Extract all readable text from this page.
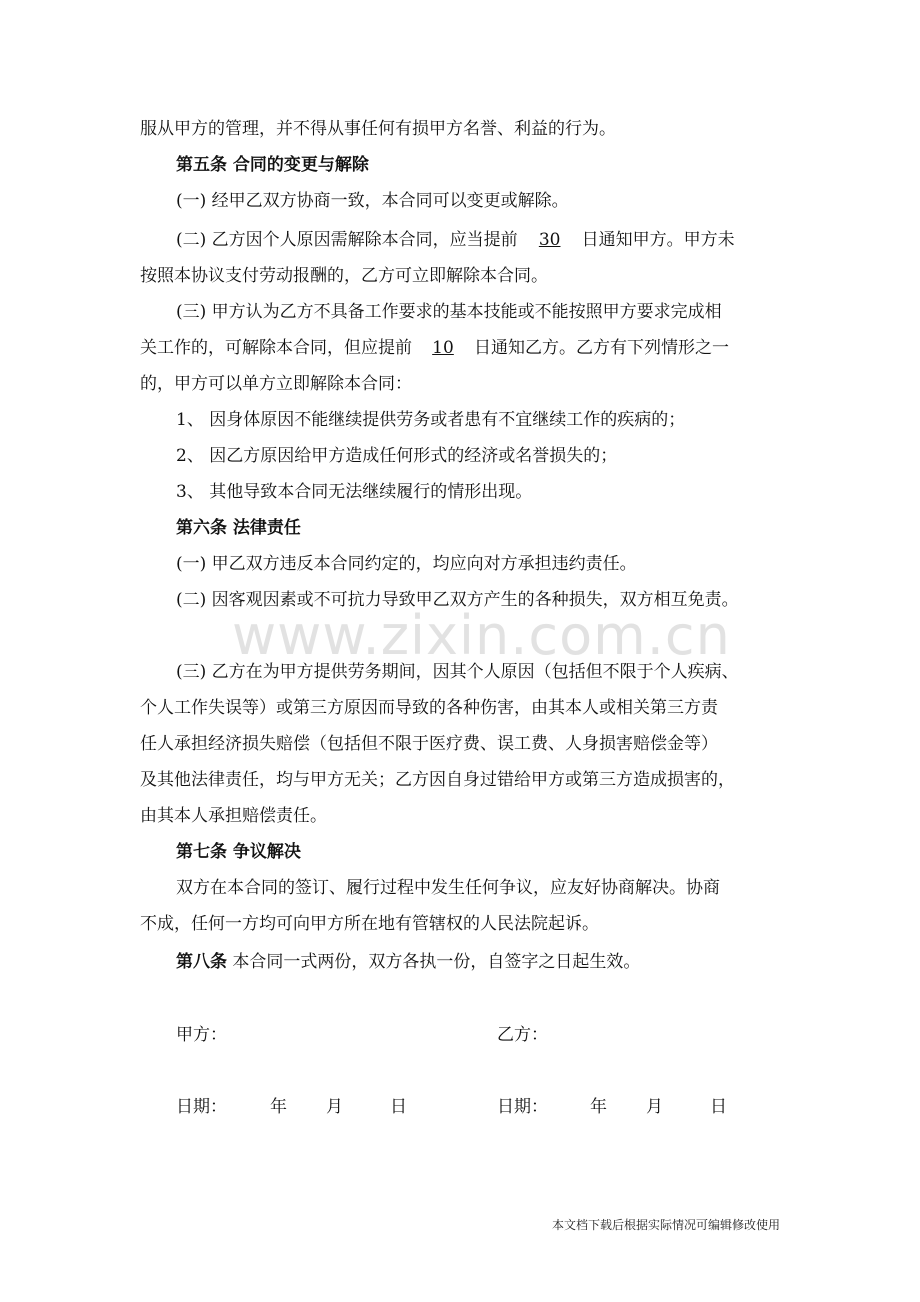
www.zixin.com.cn
服从甲方的管理，并不得从事任何有损甲方名誉、利益的行为。
第五条 合同的变更与解除
(一) 经甲乙双方协商一致，本合同可以变更或解除。
(二) 乙方因个人原因需解除本合同，应当提前 30 日通知甲方。甲方未
按照本协议支付劳动报酬的，乙方可立即解除本合同。
(三) 甲方认为乙方不具备工作要求的基本技能或不能按照甲方要求完成相
关工作的，可解除本合同，但应提前 10 日通知乙方。乙方有下列情形之一
的，甲方可以单方立即解除本合同：
1、 因身体原因不能继续提供劳务或者患有不宜继续工作的疾病的；
2、 因乙方原因给甲方造成任何形式的经济或名誉损失的；
3、 其他导致本合同无法继续履行的情形出现。
第六条 法律责任
(一) 甲乙双方违反本合同约定的，均应向对方承担违约责任。
(二) 因客观因素或不可抗力导致甲乙双方产生的各种损失，双方相互免责。
(三) 乙方在为甲方提供劳务期间，因其个人原因（包括但不限于个人疾病、
个人工作失误等）或第三方原因而导致的各种伤害，由其本人或相关第三方责
任人承担经济损失赔偿（包括但不限于医疗费、误工费、人身损害赔偿金等）
及其他法律责任，均与甲方无关；乙方因自身过错给甲方或第三方造成损害的，
由其本人承担赔偿责任。
第七条 争议解决
双方在本合同的签订、履行过程中发生任何争议，应友好协商解决。协商
不成，任何一方均可向甲方所在地有管辖权的人民法院起诉。
第八条 本合同一式两份，双方各执一份，自签字之日起生效。
甲方：	乙方：
日期：	年 月	日	日期： 年 月	日
本文档下载后根据实际情况可编辑修改使用
